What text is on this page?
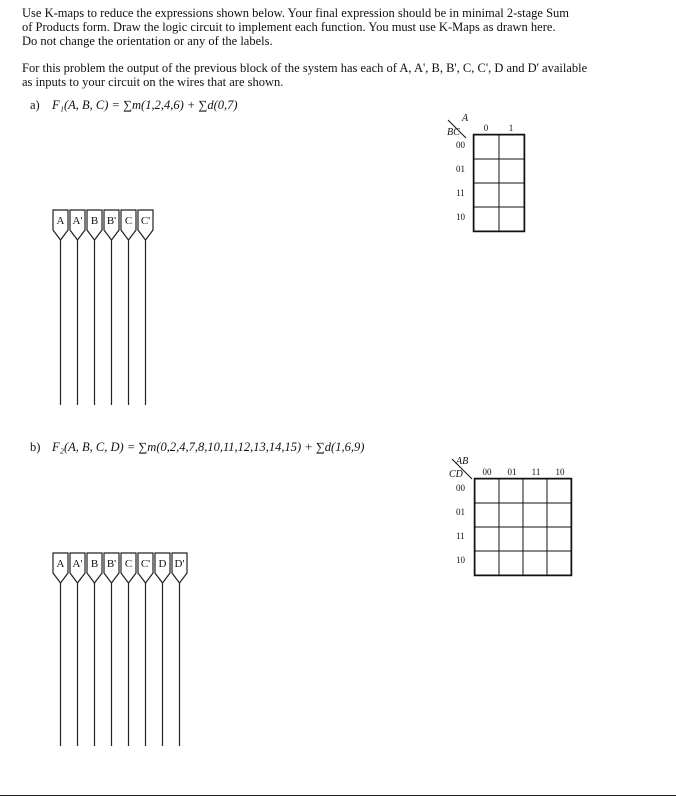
Use K-maps to reduce the expressions shown below. Your final expression should be in minimal 2-stage Sum
of Products form. Draw the logic circuit to implement each function. You must use K-Maps as drawn here.
Do not change the orientation or any of the labels.
For this problem the output of the previous block of the system has each of A, A', B, B', C, C', D and D' available
as inputs to your circuit on the wires that are shown.
a) F₁(A, B, C) = ∑m(1,2,4,6) + ∑d(0,7)
A
BC	0 1
00
01
11
10
A A' B B' C C'
b) F₂(A, B, C, D) = ∑m(0,2,4,7,8,10,11,12,13,14,15) + ∑d(1,6,9)
AB
CD 00 01 11 10
00
01
11
10
A A' B B' C C' D D'
